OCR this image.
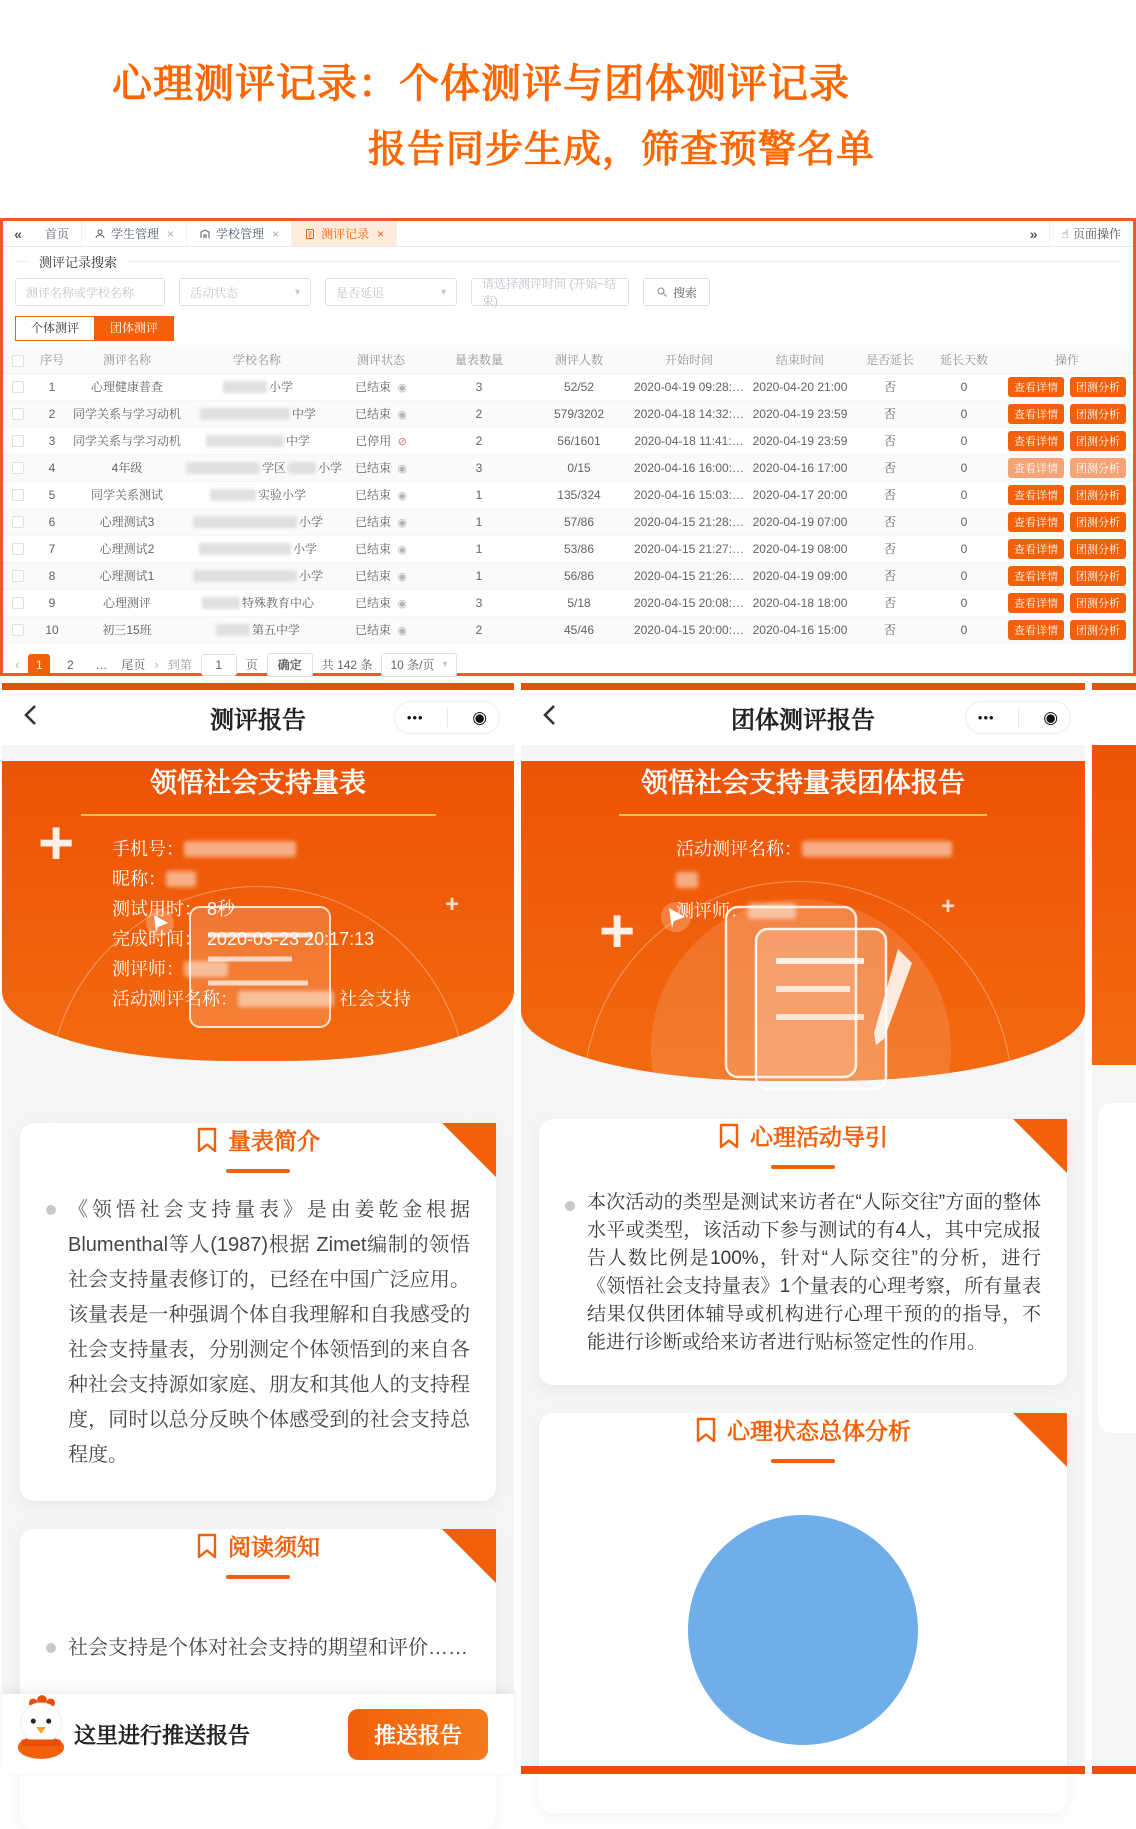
心理测评记录：个体测评与团体测评记录
报告同步生成，筛查预警名单
«	首页	学生管理 ×	学校管理 ×	测评记录 ×	»	☝ 页面操作
测评记录搜索
测评名称或学校名称	活动状态	▾	是否延迟	▾
请选择测评时间 (开始~结束)
搜索
个体测评	团体测评
	序号	测评名称	学校名称	测评状态	量表数量	测评人数	开始时间	结束时间	是否延长	延长天数	操作
	1	心理健康普查	小学	已结束 ◉	3	52/52	2020-04-19 09:28:…	2020-04-20 21:00	否	0	查看详情 团测分析
	2	同学关系与学习动机	中学	已结束 ◉	2	579/3202	2020-04-18 14:32:…	2020-04-19 23:59	否	0	查看详情 团测分析
	3	同学关系与学习动机	中学	已停用 ⊘	2	56/1601	2020-04-18 11:41:…	2020-04-19 23:59	否	0	查看详情 团测分析
	4	4年级	学区 小学	已结束 ◉	3	0/15	2020-04-16 16:00:…	2020-04-16 17:00	否	0	查看详情 团测分析
	5	同学关系测试	实验小学	已结束 ◉	1	135/324	2020-04-16 15:03:…	2020-04-17 20:00	否	0	查看详情 团测分析
	6	心理测试3	小学	已结束 ◉	1	57/86	2020-04-15 21:28:…	2020-04-19 07:00	否	0	查看详情 团测分析
	7	心理测试2	小学	已结束 ◉	1	53/86	2020-04-15 21:27:…	2020-04-19 08:00	否	0	查看详情 团测分析
	8	心理测试1	小学	已结束 ◉	1	56/86	2020-04-15 21:26:…	2020-04-19 09:00	否	0	查看详情 团测分析
	9	心理测评	特殊教育中心	已结束 ◉	3	5/18	2020-04-15 20:08:…	2020-04-18 18:00	否	0	查看详情 团测分析
	10	初三15班	第五中学	已结束 ◉	2	45/46	2020-04-15 20:00:…	2020-04-16 15:00	否	0	查看详情 团测分析
‹	1	2	…	尾页 › 到第	1	页	确定	共 142 条 10 条/页 ▾
测评报告	•••	◉
+
+
领悟社会支持量表
手机号：
昵称：
测试用时： 8秒
完成时间： 2020-03-23 20:17:13
测评师：
活动测评名称：	社会支持
量表简介
《领悟社会支持量表》是由姜乾金根据Blumenthal等人(1987)根据 Zimet编制的领悟社会支持量表修订的，已经在中国广泛应用。该量表是一种强调个体自我理解和自我感受的社会支持量表，分别测定个体领悟到的来自各种社会支持源如家庭、朋友和其他人的支持程度，同时以总分反映个体感受到的社会支持总程度。
阅读须知
社会支持是个体对社会支持的期望和评价……
这里进行推送报告	推送报告
团体测评报告	•••	◉
+	+
领悟社会支持量表团体报告
活动测评名称：
测评师：
心理活动导引
本次活动的类型是测试来访者在“人际交往”方面的整体水平或类型，该活动下参与测试的有4人，其中完成报告人数比例是100%，针对“人际交往”的分析，进行《领悟社会支持量表》1个量表的心理考察，所有量表结果仅供团体辅导或机构进行心理干预的的指导，不能进行诊断或给来访者进行贴标签定性的作用。
心理状态总体分析
